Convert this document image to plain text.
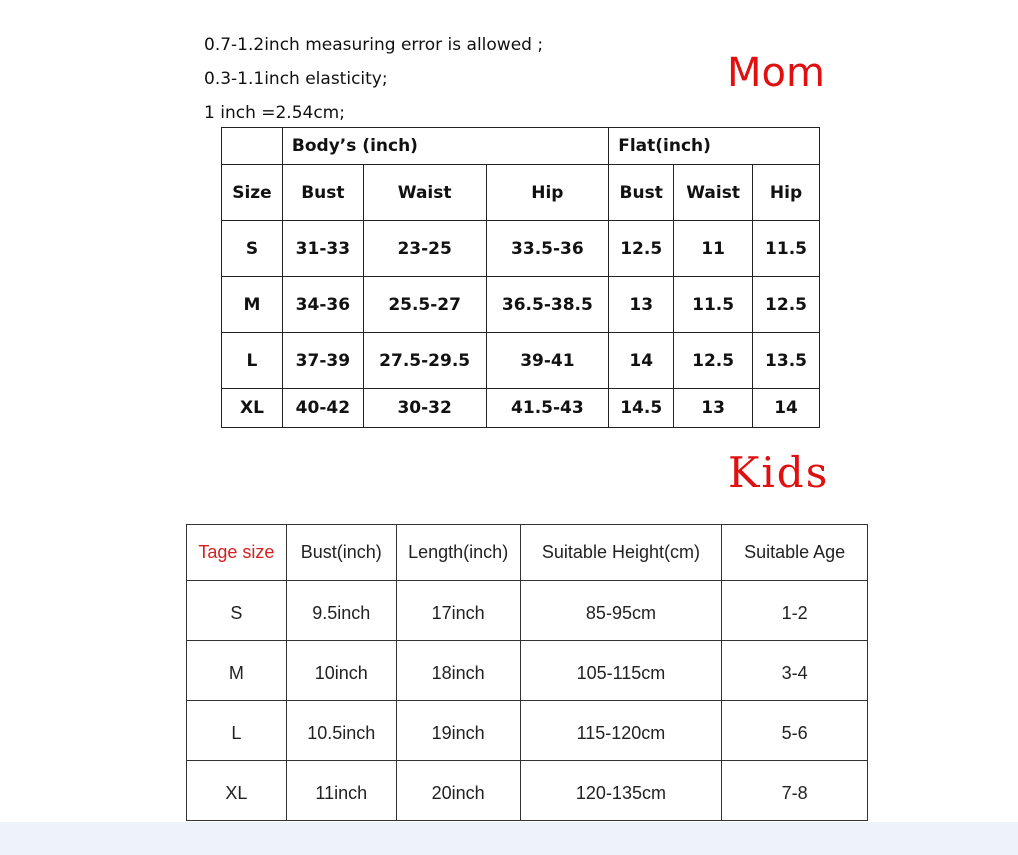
0.7-1.2inch measuring error is allowed ;
0.3-1.1inch elasticity;
1 inch =2.54cm;
Mom
	Body’s (inch)			Flat(inch)		
Size	Bust	Waist	Hip	Bust	Waist	Hip
S	31-33	23-25	33.5-36	12.5	11	11.5
M	34-36	25.5-27	36.5-38.5	13	11.5	12.5
L	37-39	27.5-29.5	39-41	14	12.5	13.5
XL	40-42	30-32	41.5-43	14.5	13	14
Kids
Tage size	Bust(inch)	Length(inch)	Suitable Height(cm)	Suitable Age
S	9.5inch	17inch	85-95cm	1-2
M	10inch	18inch	105-115cm	3-4
L	10.5inch	19inch	115-120cm	5-6
XL	11inch	20inch	120-135cm	7-8
